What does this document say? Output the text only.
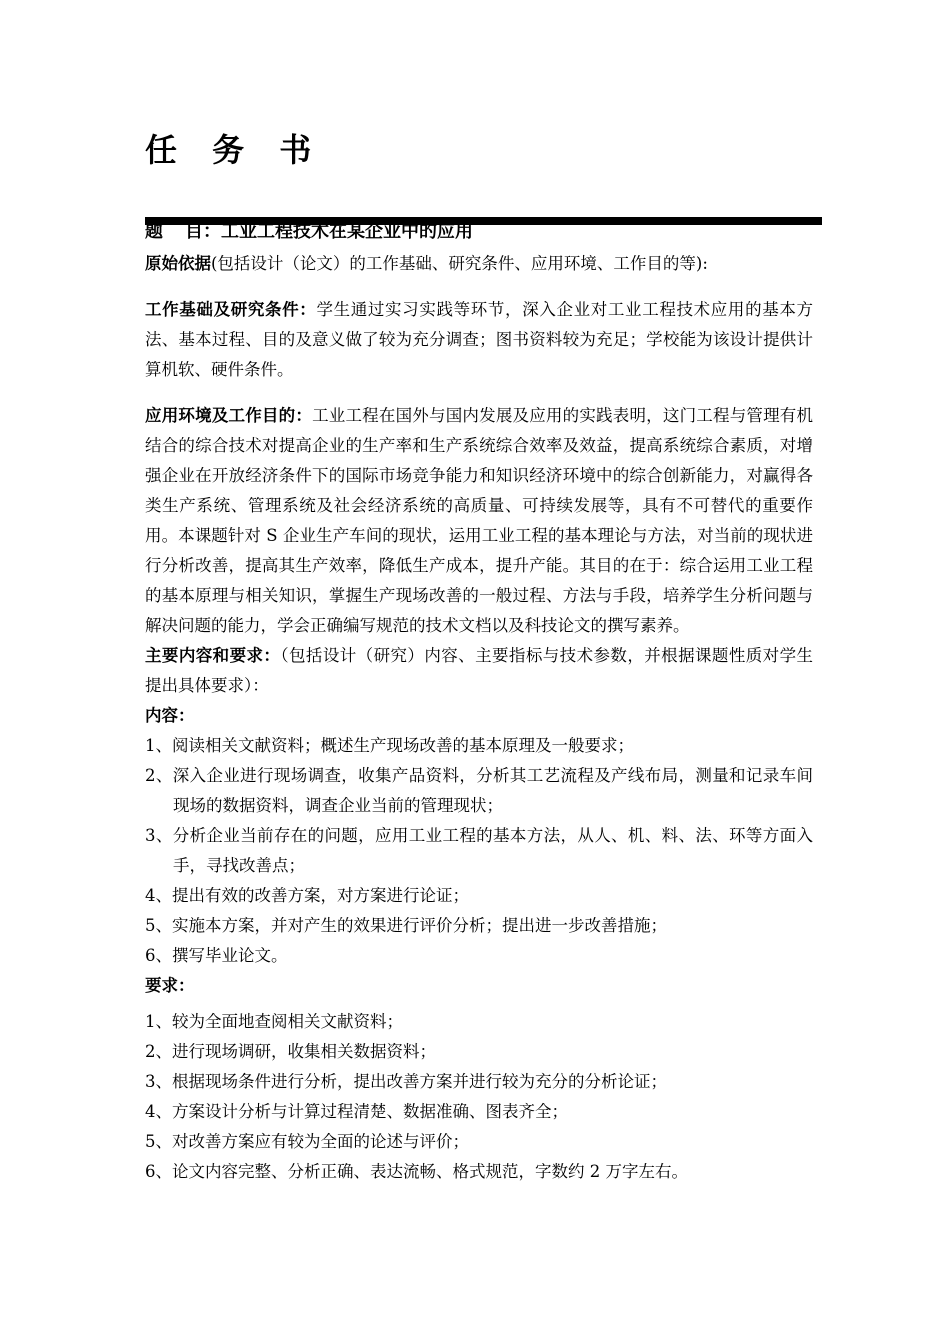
任 务 书
题 目：工业工程技术在某企业中的应用

原始依据(包括设计（论文）的工作基础、研究条件、应用环境、工作目的等):

工作基础及研究条件：学生通过实习实践等环节，深入企业对工业工程技术应用的基本方法、基本过程、目的及意义做了较为充分调查；图书资料较为充足；学校能为该设计提供计算机软、硬件条件。

应用环境及工作目的：工业工程在国外与国内发展及应用的实践表明，这门工程与管理有机结合的综合技术对提高企业的生产率和生产系统综合效率及效益，提高系统综合素质，对增强企业在开放经济条件下的国际市场竞争能力和知识经济环境中的综合创新能力，对赢得各类生产系统、管理系统及社会经济系统的高质量、可持续发展等，具有不可替代的重要作用。本课题针对 S 企业生产车间的现状，运用工业工程的基本理论与方法，对当前的现状进行分析改善，提高其生产效率，降低生产成本，提升产能。其目的在于：综合运用工业工程的基本原理与相关知识，掌握生产现场改善的一般过程、方法与手段，培养学生分析问题与解决问题的能力，学会正确编写规范的技术文档以及科技论文的撰写素养。

主要内容和要求：（包括设计（研究）内容、主要指标与技术参数，并根据课题性质对学生提出具体要求）：

内容：

1、阅读相关文献资料；概述生产现场改善的基本原理及一般要求；
2、深入企业进行现场调查，收集产品资料，分析其工艺流程及产线布局，测量和记录车间现场的数据资料，调查企业当前的管理现状；
3、分析企业当前存在的问题，应用工业工程的基本方法，从人、机、料、法、环等方面入手，寻找改善点；
4、提出有效的改善方案，对方案进行论证；
5、实施本方案，并对产生的效果进行评价分析；提出进一步改善措施；
6、撰写毕业论文。

要求：

1、较为全面地查阅相关文献资料；
2、进行现场调研，收集相关数据资料；
3、根据现场条件进行分析，提出改善方案并进行较为充分的分析论证；
4、方案设计分析与计算过程清楚、数据准确、图表齐全；
5、对改善方案应有较为全面的论述与评价；
6、论文内容完整、分析正确、表达流畅、格式规范，字数约 2 万字左右。
